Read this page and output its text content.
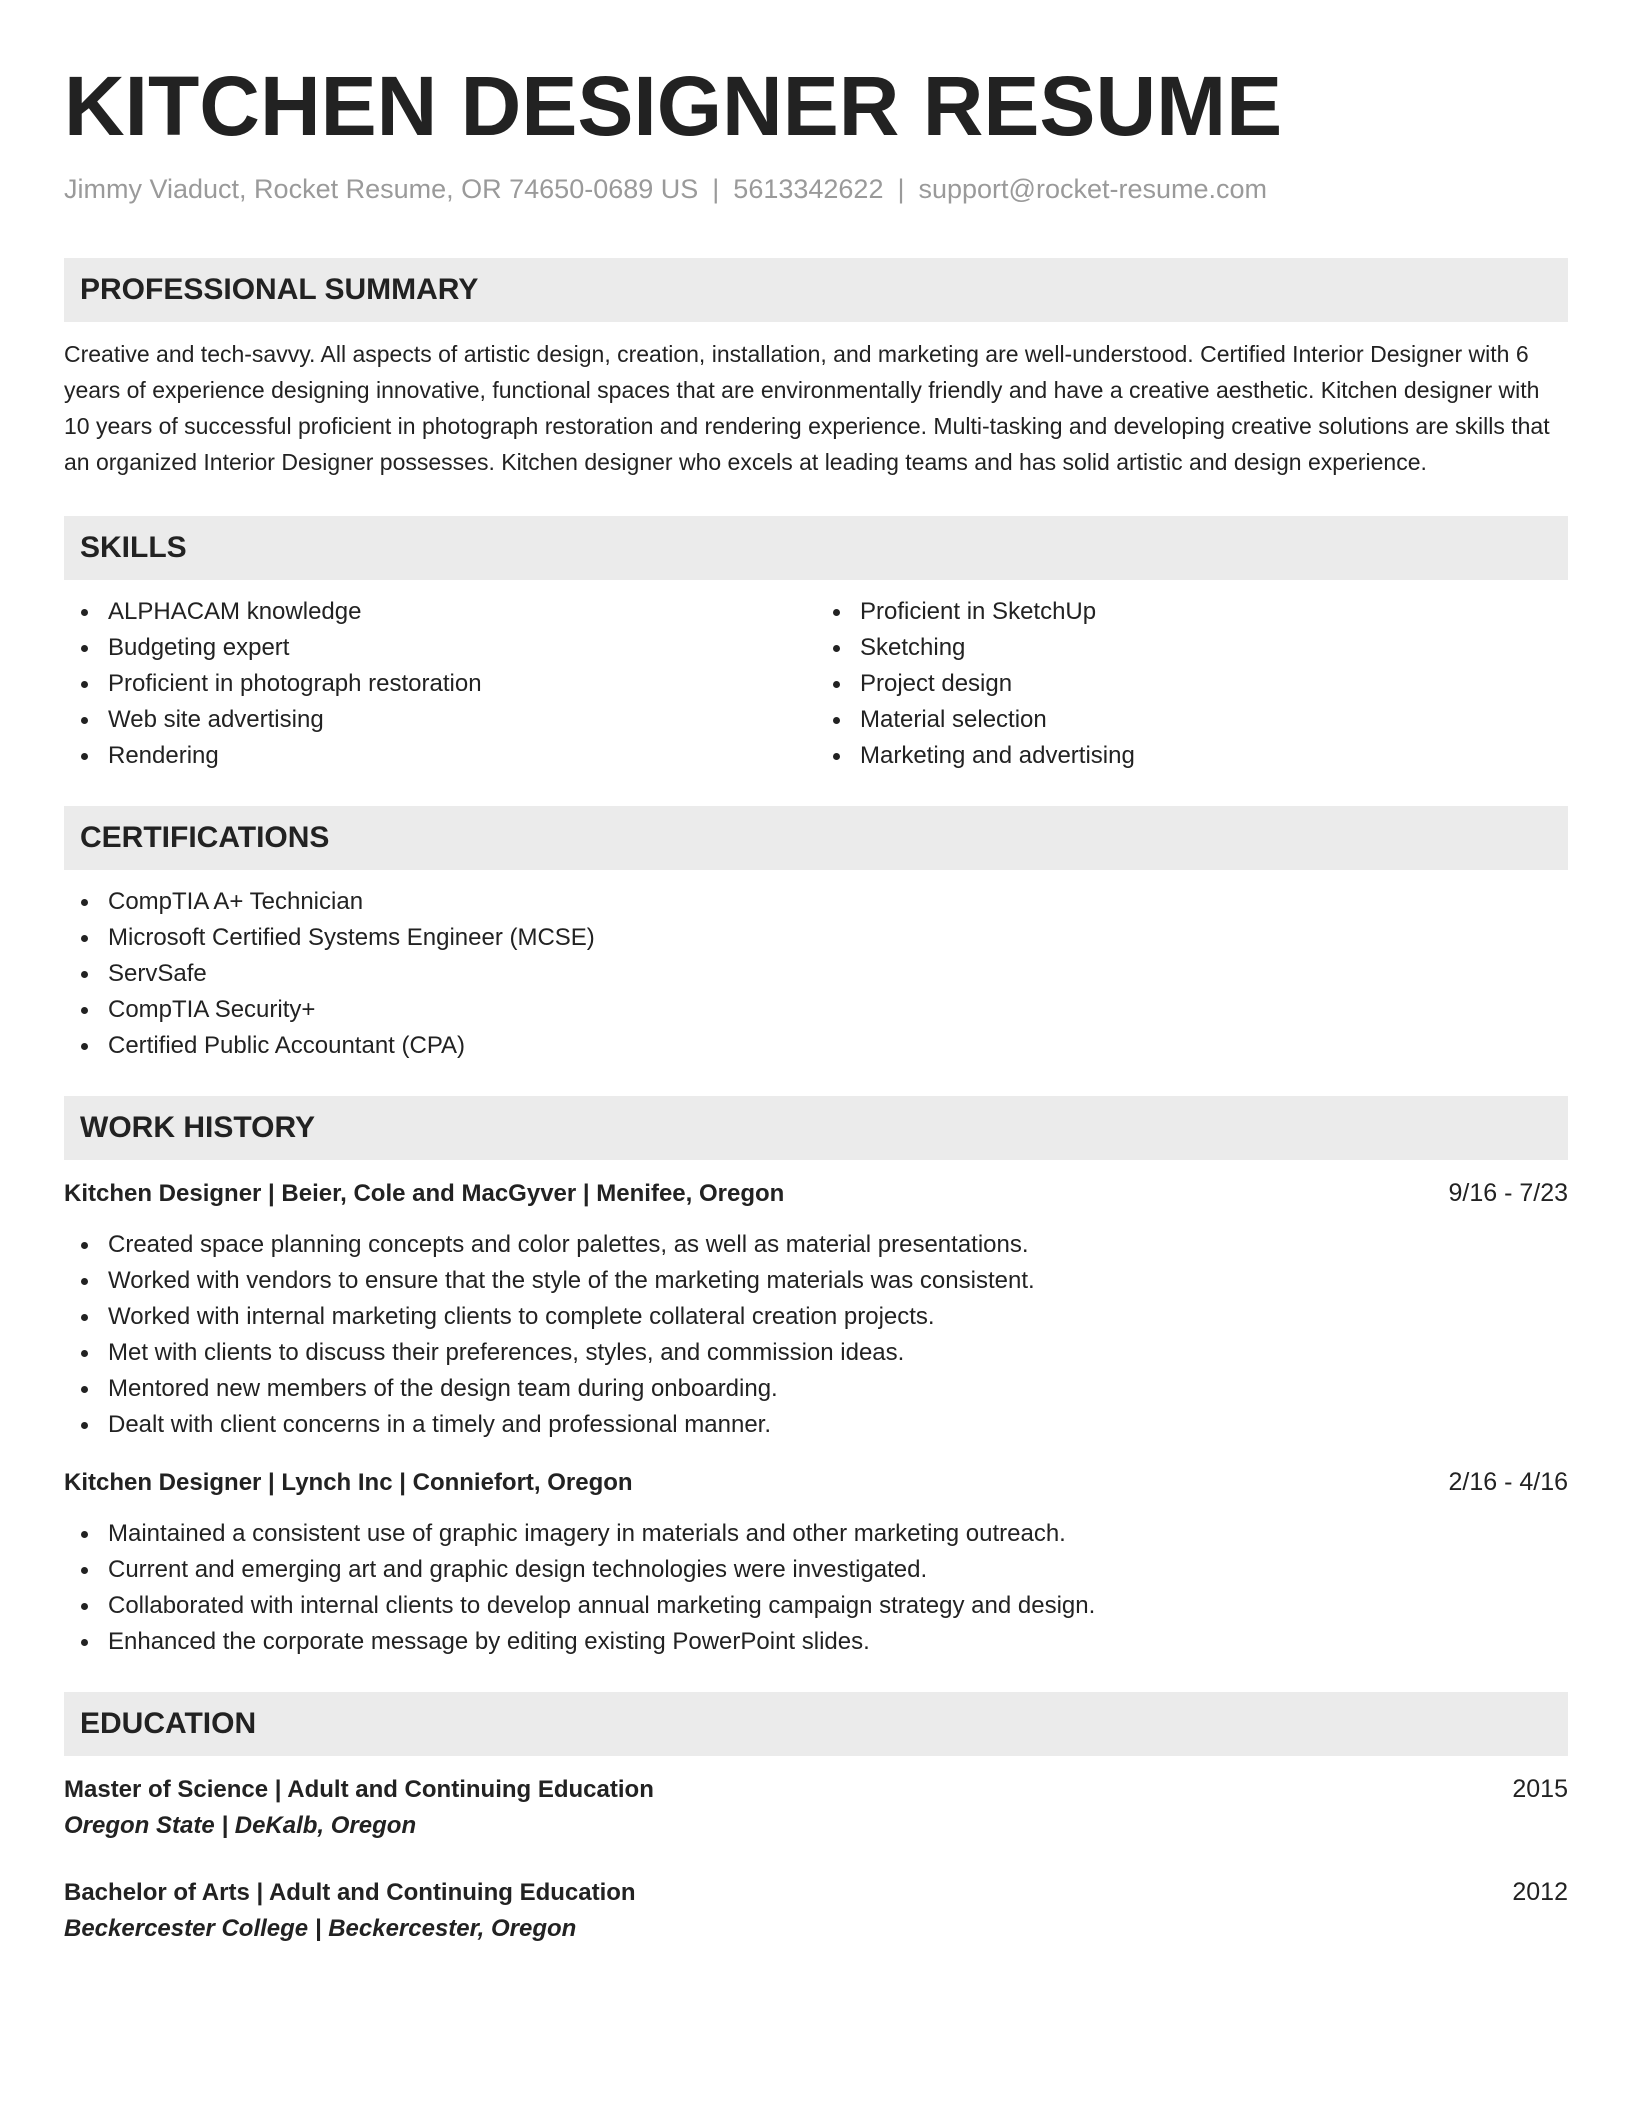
KITCHEN DESIGNER RESUME
Jimmy Viaduct, Rocket Resume, OR 74650-0689 US | 5613342622 | support@rocket-resume.com
PROFESSIONAL SUMMARY
Creative and tech-savvy. All aspects of artistic design, creation, installation, and marketing are well-understood. Certified Interior Designer with 6 years of experience designing innovative, functional spaces that are environmentally friendly and have a creative aesthetic. Kitchen designer with 10 years of successful proficient in photograph restoration and rendering experience. Multi-tasking and developing creative solutions are skills that an organized Interior Designer possesses. Kitchen designer who excels at leading teams and has solid artistic and design experience.
SKILLS
ALPHACAM knowledge
Budgeting expert
Proficient in photograph restoration
Web site advertising
Rendering
Proficient in SketchUp
Sketching
Project design
Material selection
Marketing and advertising
CERTIFICATIONS
CompTIA A+ Technician
Microsoft Certified Systems Engineer (MCSE)
ServSafe
CompTIA Security+
Certified Public Accountant (CPA)
WORK HISTORY
Kitchen Designer | Beier, Cole and MacGyver | Menifee, Oregon	9/16 - 7/23
Created space planning concepts and color palettes, as well as material presentations.
Worked with vendors to ensure that the style of the marketing materials was consistent.
Worked with internal marketing clients to complete collateral creation projects.
Met with clients to discuss their preferences, styles, and commission ideas.
Mentored new members of the design team during onboarding.
Dealt with client concerns in a timely and professional manner.
Kitchen Designer | Lynch Inc | Conniefort, Oregon	2/16 - 4/16
Maintained a consistent use of graphic imagery in materials and other marketing outreach.
Current and emerging art and graphic design technologies were investigated.
Collaborated with internal clients to develop annual marketing campaign strategy and design.
Enhanced the corporate message by editing existing PowerPoint slides.
EDUCATION
Master of Science | Adult and Continuing Education	2015
Oregon State | DeKalb, Oregon
Bachelor of Arts | Adult and Continuing Education	2012
Beckercester College | Beckercester, Oregon
